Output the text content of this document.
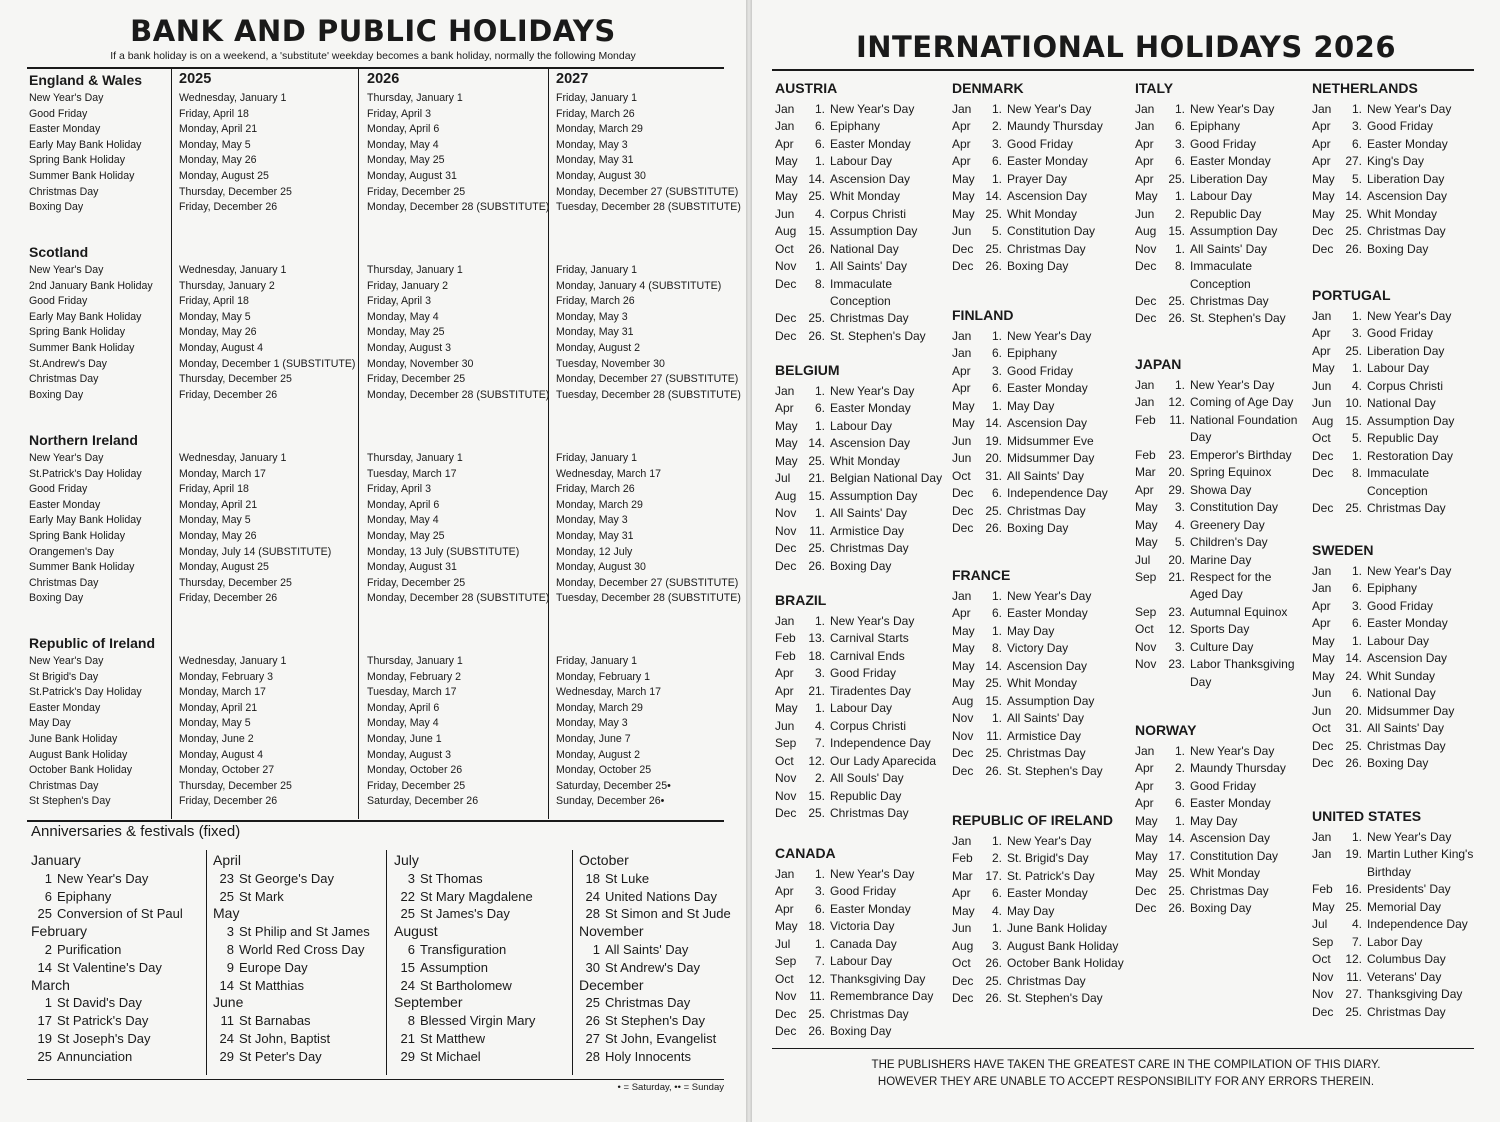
BANK AND PUBLIC HOLIDAYS

If a bank holiday is on a weekend, a 'substitute' weekday becomes a bank holiday, normally the following Monday

2025	2026	2027
England & Wales
New Year's Day
Good Friday
Easter Monday
Early May Bank Holiday
Spring Bank Holiday
Summer Bank Holiday
Christmas Day
Boxing Day
Wednesday, January 1
Friday, April 18
Monday, April 21
Monday, May 5
Monday, May 26
Monday, August 25
Thursday, December 25
Friday, December 26
Thursday, January 1
Friday, April 3
Monday, April 6
Monday, May 4
Monday, May 25
Monday, August 31
Friday, December 25
Monday, December 28 (SUBSTITUTE)
Friday, January 1
Friday, March 26
Monday, March 29
Monday, May 3
Monday, May 31
Monday, August 30
Monday, December 27 (SUBSTITUTE)
Tuesday, December 28 (SUBSTITUTE)
Scotland
New Year's Day
2nd January Bank Holiday
Good Friday
Early May Bank Holiday
Spring Bank Holiday
Summer Bank Holiday
St.Andrew's Day
Christmas Day
Boxing Day
Wednesday, January 1
Thursday, January 2
Friday, April 18
Monday, May 5
Monday, May 26
Monday, August 4
Monday, December 1 (SUBSTITUTE)
Thursday, December 25
Friday, December 26
Thursday, January 1
Friday, January 2
Friday, April 3
Monday, May 4
Monday, May 25
Monday, August 3
Monday, November 30
Friday, December 25
Monday, December 28 (SUBSTITUTE)
Friday, January 1
Monday, January 4 (SUBSTITUTE)
Friday, March 26
Monday, May 3
Monday, May 31
Monday, August 2
Tuesday, November 30
Monday, December 27 (SUBSTITUTE)
Tuesday, December 28 (SUBSTITUTE)
Northern Ireland
New Year's Day
St.Patrick's Day Holiday
Good Friday
Easter Monday
Early May Bank Holiday
Spring Bank Holiday
Orangemen's Day
Summer Bank Holiday
Christmas Day
Boxing Day
Wednesday, January 1
Monday, March 17
Friday, April 18
Monday, April 21
Monday, May 5
Monday, May 26
Monday, July 14 (SUBSTITUTE)
Monday, August 25
Thursday, December 25
Friday, December 26
Thursday, January 1
Tuesday, March 17
Friday, April 3
Monday, April 6
Monday, May 4
Monday, May 25
Monday, 13 July (SUBSTITUTE)
Monday, August 31
Friday, December 25
Monday, December 28 (SUBSTITUTE)
Friday, January 1
Wednesday, March 17
Friday, March 26
Monday, March 29
Monday, May 3
Monday, May 31
Monday, 12 July
Monday, August 30
Monday, December 27 (SUBSTITUTE)
Tuesday, December 28 (SUBSTITUTE)
Republic of Ireland
New Year's Day
St Brigid's Day
St.Patrick's Day Holiday
Easter Monday
May Day
June Bank Holiday
August Bank Holiday
October Bank Holiday
Christmas Day
St Stephen's Day
Wednesday, January 1
Monday, February 3
Monday, March 17
Monday, April 21
Monday, May 5
Monday, June 2
Monday, August 4
Monday, October 27
Thursday, December 25
Friday, December 26
Thursday, January 1
Monday, February 2
Tuesday, March 17
Monday, April 6
Monday, May 4
Monday, June 1
Monday, August 3
Monday, October 26
Friday, December 25
Saturday, December 26
Friday, January 1
Monday, February 1
Wednesday, March 17
Monday, March 29
Monday, May 3
Monday, June 7
Monday, August 2
Monday, October 25
Saturday, December 25•
Sunday, December 26•
Anniversaries & festivals (fixed)
January
1 New Year's Day
6 Epiphany
25 Conversion of St Paul
February
2 Purification
14 St Valentine's Day
March
1 St David's Day
17 St Patrick's Day
19 St Joseph's Day
25 Annunciation
April
23 St George's Day
25 St Mark
May
3 St Philip and St James
8 World Red Cross Day
9 Europe Day
14 St Matthias
June
11 St Barnabas
24 St John, Baptist
29 St Peter's Day
July
3 St Thomas
22 St Mary Magdalene
25 St James's Day
August
6 Transfiguration
15 Assumption
24 St Bartholomew
September
8 Blessed Virgin Mary
21 St Matthew
29 St Michael
October
18 St Luke
24 United Nations Day
28 St Simon and St Jude
November
1 All Saints' Day
30 St Andrew's Day
December
25 Christmas Day
26 St Stephen's Day
27 St John, Evangelist
28 Holy Innocents
• = Saturday, •• = Sunday
INTERNATIONAL HOLIDAYS 2026
AUSTRIA
Jan 1. New Year's Day
Jan 6. Epiphany
Apr 6. Easter Monday
May 1. Labour Day
May 14. Ascension Day
May 25. Whit Monday
Jun 4. Corpus Christi
Aug 15. Assumption Day
Oct 26. National Day
Nov 1. All Saints' Day
Dec 8. Immaculate Conception
Dec 25. Christmas Day
Dec 26. St. Stephen's Day
BELGIUM
Jan 1. New Year's Day
Apr 6. Easter Monday
May 1. Labour Day
May 14. Ascension Day
May 25. Whit Monday
Jul 21. Belgian National Day
Aug 15. Assumption Day
Nov 1. All Saints' Day
Nov 11. Armistice Day
Dec 25. Christmas Day
Dec 26. Boxing Day
BRAZIL
Jan 1. New Year's Day
Feb 13. Carnival Starts
Feb 18. Carnival Ends
Apr 3. Good Friday
Apr 21. Tiradentes Day
May 1. Labour Day
Jun 4. Corpus Christi
Sep 7. Independence Day
Oct 12. Our Lady Aparecida
Nov 2. All Souls' Day
Nov 15. Republic Day
Dec 25. Christmas Day
CANADA
Jan 1. New Year's Day
Apr 3. Good Friday
Apr 6. Easter Monday
May 18. Victoria Day
Jul 1. Canada Day
Sep 7. Labour Day
Oct 12. Thanksgiving Day
Nov 11. Remembrance Day
Dec 25. Christmas Day
Dec 26. Boxing Day
DENMARK
Jan 1. New Year's Day
Apr 2. Maundy Thursday
Apr 3. Good Friday
Apr 6. Easter Monday
May 1. Prayer Day
May 14. Ascension Day
May 25. Whit Monday
Jun 5. Constitution Day
Dec 25. Christmas Day
Dec 26. Boxing Day
FINLAND
Jan 1. New Year's Day
Jan 6. Epiphany
Apr 3. Good Friday
Apr 6. Easter Monday
May 1. May Day
May 14. Ascension Day
Jun 19. Midsummer Eve
Jun 20. Midsummer Day
Oct 31. All Saints' Day
Dec 6. Independence Day
Dec 25. Christmas Day
Dec 26. Boxing Day
FRANCE
Jan 1. New Year's Day
Apr 6. Easter Monday
May 1. May Day
May 8. Victory Day
May 14. Ascension Day
May 25. Whit Monday
Aug 15. Assumption Day
Nov 1. All Saints' Day
Nov 11. Armistice Day
Dec 25. Christmas Day
Dec 26. St. Stephen's Day
REPUBLIC OF IRELAND
Jan 1. New Year's Day
Feb 2. St. Brigid's Day
Mar 17. St. Patrick's Day
Apr 6. Easter Monday
May 4. May Day
Jun 1. June Bank Holiday
Aug 3. August Bank Holiday
Oct 26. October Bank Holiday
Dec 25. Christmas Day
Dec 26. St. Stephen's Day
ITALY
Jan 1. New Year's Day
Jan 6. Epiphany
Apr 3. Good Friday
Apr 6. Easter Monday
Apr 25. Liberation Day
May 1. Labour Day
Jun 2. Republic Day
Aug 15. Assumption Day
Nov 1. All Saints' Day
Dec 8. Immaculate Conception
Dec 25. Christmas Day
Dec 26. St. Stephen's Day
JAPAN
Jan 1. New Year's Day
Jan 12. Coming of Age Day
Feb 11. National Foundation Day
Feb 23. Emperor's Birthday
Mar 20. Spring Equinox
Apr 29. Showa Day
May 3. Constitution Day
May 4. Greenery Day
May 5. Children's Day
Jul 20. Marine Day
Sep 21. Respect for the Aged Day
Sep 23. Autumnal Equinox
Oct 12. Sports Day
Nov 3. Culture Day
Nov 23. Labor Thanksgiving Day
NORWAY
Jan 1. New Year's Day
Apr 2. Maundy Thursday
Apr 3. Good Friday
Apr 6. Easter Monday
May 1. May Day
May 14. Ascension Day
May 17. Constitution Day
May 25. Whit Monday
Dec 25. Christmas Day
Dec 26. Boxing Day
NETHERLANDS
Jan 1. New Year's Day
Apr 3. Good Friday
Apr 6. Easter Monday
Apr 27. King's Day
May 5. Liberation Day
May 14. Ascension Day
May 25. Whit Monday
Dec 25. Christmas Day
Dec 26. Boxing Day
PORTUGAL
Jan 1. New Year's Day
Apr 3. Good Friday
Apr 25. Liberation Day
May 1. Labour Day
Jun 4. Corpus Christi
Jun 10. National Day
Aug 15. Assumption Day
Oct 5. Republic Day
Dec 1. Restoration Day
Dec 8. Immaculate Conception
Dec 25. Christmas Day
SWEDEN
Jan 1. New Year's Day
Jan 6. Epiphany
Apr 3. Good Friday
Apr 6. Easter Monday
May 1. Labour Day
May 14. Ascension Day
May 24. Whit Sunday
Jun 6. National Day
Jun 20. Midsummer Day
Oct 31. All Saints' Day
Dec 25. Christmas Day
Dec 26. Boxing Day
UNITED STATES
Jan 1. New Year's Day
Jan 19. Martin Luther King's Birthday
Feb 16. Presidents' Day
May 25. Memorial Day
Jul 4. Independence Day
Sep 7. Labor Day
Oct 12. Columbus Day
Nov 11. Veterans' Day
Nov 27. Thanksgiving Day
Dec 25. Christmas Day
THE PUBLISHERS HAVE TAKEN THE GREATEST CARE IN THE COMPILATION OF THIS DIARY.
HOWEVER THEY ARE UNABLE TO ACCEPT RESPONSIBILITY FOR ANY ERRORS THEREIN.
